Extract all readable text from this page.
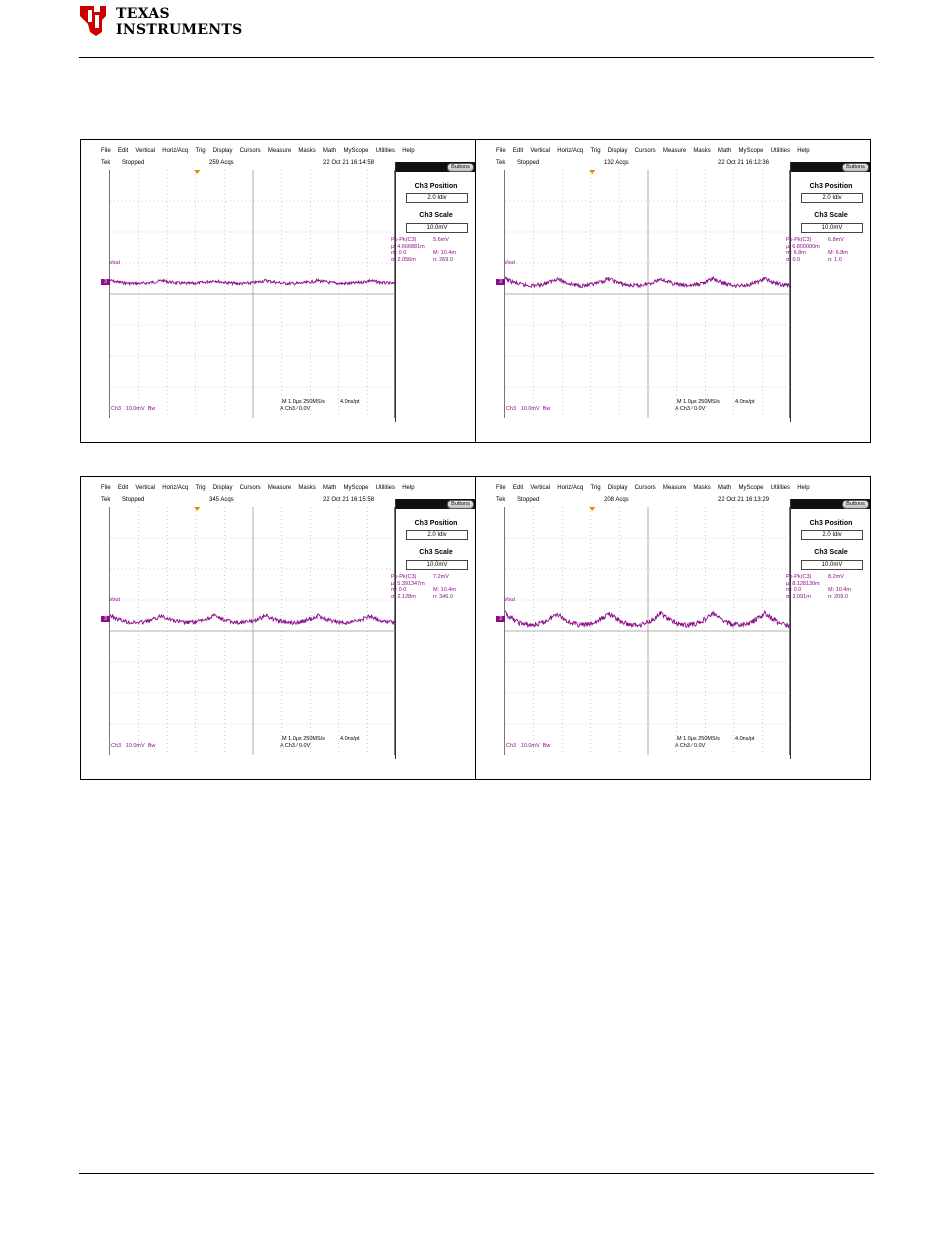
TEXAS
INSTRUMENTS
File Edit Vertical Horiz/Acq Trig Display Cursors Measure Masks Math MyScope Utilities Help
Tek Stopped	259 Acqs	22 Oct 21 16:14:58
Vout
3
Buttons
Ch3 Position
2.0 Idiv
Ch3 Scale
10.0mV
Pk-Pk(C3)	5.6mV
μ: 4.666881m
m: 0.0	M: 10.4m
σ: 2.056m	n: 269.0
Ch3 10.0mV Bw
M 1.0μs 250MS/s	4.0ns/pt
A Ch3 ⁄ 0.0V
File Edit Vertical Horiz/Acq Trig Display Cursors Measure Masks Math MyScope Utilities Help
Tek Stopped	132 Acqs	22 Oct 21 16:12:36
Vout
3
Buttons
Ch3 Position
2.0 Idiv
Ch3 Scale
10.0mV
Pk-Pk(C3)	6.8mV
μ: 6.800000m
m: 6.8m	M: 6.8m
σ: 0.0	n: 1.0
Ch3 10.0mV Bw
M 1.0μs 250MS/s	4.0ns/pt
A Ch3 ⁄ 0.0V
File Edit Vertical Horiz/Acq Trig Display Cursors Measure Masks Math MyScope Utilities Help
Tek Stopped	345 Acqs	22 Oct 21 16:15:58
Vout
3
Buttons
Ch3 Position
2.0 Idiv
Ch3 Scale
10.0mV
Pk-Pk(C3)	7.2mV
μ: 5.391347m
m: 0.0	M: 10.4m
σ: 2.128m	n: 346.0
Ch3 10.0mV Bw
M 1.0μs 250MS/s	4.0ns/pt
A Ch3 ⁄ 0.0V
File Edit Vertical Horiz/Acq Trig Display Cursors Measure Masks Math MyScope Utilities Help
Tek Stopped	208 Acqs	22 Oct 21 16:13:29
Vout
3
Buttons
Ch3 Position
2.0 Idiv
Ch3 Scale
10.0mV
Pk-Pk(C3)	8.2mV
μ: 8.128130m
m: 0.0	M: 10.4m
σ: 3.091m	n: 209.0
Ch3 10.0mV Bw
M 1.0μs 250MS/s	4.0ns/pt
A Ch3 ⁄ 0.0V
